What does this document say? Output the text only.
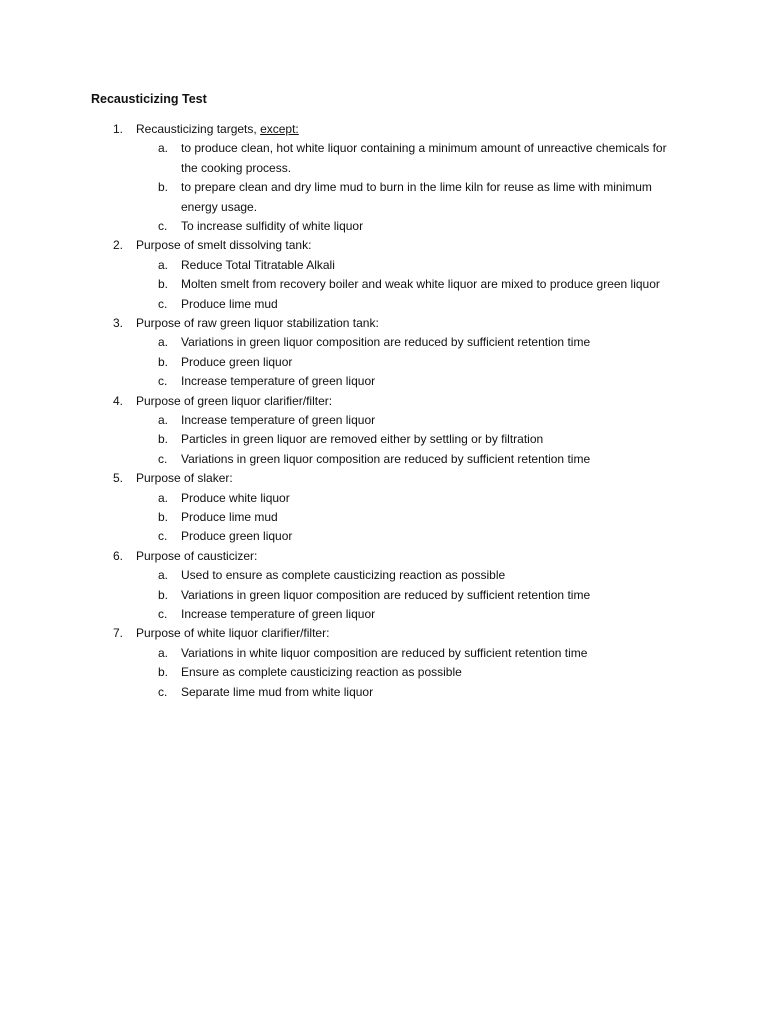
Recausticizing Test
1.	Recausticizing targets, except:
a.	to produce clean, hot white liquor containing a minimum amount of unreactive chemicals for the cooking process.
b.	to prepare clean and dry lime mud to burn in the lime kiln for reuse as lime with minimum energy usage.
c.	To increase sulfidity of white liquor
2.	Purpose of smelt dissolving tank:
a.	Reduce Total Titratable Alkali
b.	Molten smelt from recovery boiler and weak white liquor are mixed to produce green liquor
c.	Produce lime mud
3.	Purpose of raw green liquor stabilization tank:
a.	Variations in green liquor composition are reduced by sufficient retention time
b.	Produce green liquor
c.	Increase temperature of green liquor
4.	Purpose of green liquor clarifier/filter:
a.	Increase temperature of green liquor
b.	Particles in green liquor are removed either by settling or by filtration
c.	Variations in green liquor composition are reduced by sufficient retention time
5.	Purpose of slaker:
a.	Produce white liquor
b.	Produce lime mud
c.	Produce green liquor
6.	Purpose of causticizer:
a.	Used to ensure as complete causticizing reaction as possible
b.	Variations in green liquor composition are reduced by sufficient retention time
c.	Increase temperature of green liquor
7.	Purpose of white liquor clarifier/filter:
a.	Variations in white liquor composition are reduced by sufficient retention time
b.	Ensure as complete causticizing reaction as possible
c.	Separate lime mud from white liquor
